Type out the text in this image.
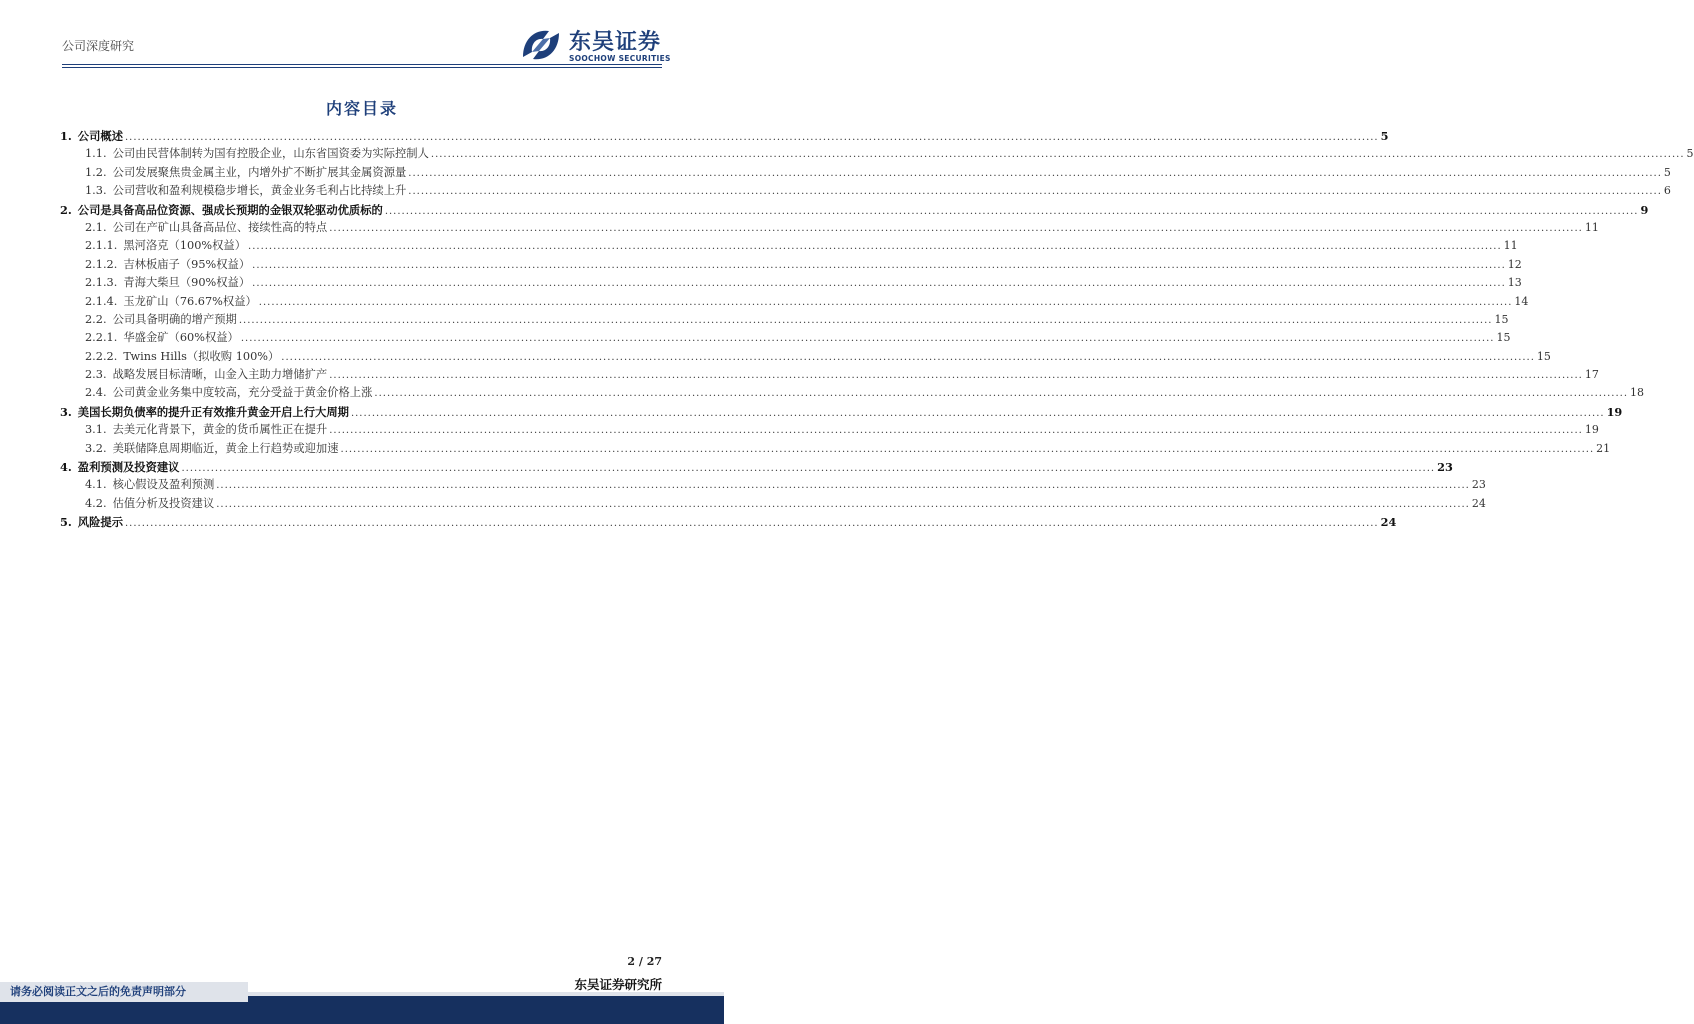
公司深度研究	东吴证券
SOOCHOW SECURITIES
内容目录
1. 公司概述 ............................................................................................................................................................................................................................................................................................................ 5
1.1. 公司由民营体制转为国有控股企业，山东省国资委为实际控制人 ............................................................................................................................................................................................................................................................................................................ 5
1.2. 公司发展聚焦贵金属主业，内增外扩不断扩展其金属资源量 ............................................................................................................................................................................................................................................................................................................ 5
1.3. 公司营收和盈利规模稳步增长，黄金业务毛利占比持续上升 ............................................................................................................................................................................................................................................................................................................ 6
2. 公司是具备高品位资源、强成长预期的金银双轮驱动优质标的 ............................................................................................................................................................................................................................................................................................................ 9
2.1. 公司在产矿山具备高品位、接续性高的特点 ............................................................................................................................................................................................................................................................................................................ 11
2.1.1. 黑河洛克（100%权益） ............................................................................................................................................................................................................................................................................................................ 11
2.1.2. 吉林板庙子（95%权益） ............................................................................................................................................................................................................................................................................................................ 12
2.1.3. 青海大柴旦（90%权益） ............................................................................................................................................................................................................................................................................................................ 13
2.1.4. 玉龙矿山（76.67%权益） ............................................................................................................................................................................................................................................................................................................ 14
2.2. 公司具备明确的增产预期 ............................................................................................................................................................................................................................................................................................................ 15
2.2.1. 华盛金矿（60%权益） ............................................................................................................................................................................................................................................................................................................ 15
2.2.2. Twins Hills（拟收购 100%） ............................................................................................................................................................................................................................................................................................................ 15
2.3. 战略发展目标清晰，山金入主助力增储扩产 ............................................................................................................................................................................................................................................................................................................ 17
2.4. 公司黄金业务集中度较高，充分受益于黄金价格上涨 ............................................................................................................................................................................................................................................................................................................ 18
3. 美国长期负债率的提升正有效推升黄金开启上行大周期 ............................................................................................................................................................................................................................................................................................................ 19
3.1. 去美元化背景下，黄金的货币属性正在提升 ............................................................................................................................................................................................................................................................................................................ 19
3.2. 美联储降息周期临近，黄金上行趋势或迎加速 ............................................................................................................................................................................................................................................................................................................ 21
4. 盈利预测及投资建议 ............................................................................................................................................................................................................................................................................................................ 23
4.1. 核心假设及盈利预测 ............................................................................................................................................................................................................................................................................................................ 23
4.2. 估值分析及投资建议 ............................................................................................................................................................................................................................................................................................................ 24
5. 风险提示 ............................................................................................................................................................................................................................................................................................................ 24
2 / 27
东吴证券研究所
请务必阅读正文之后的免责声明部分
